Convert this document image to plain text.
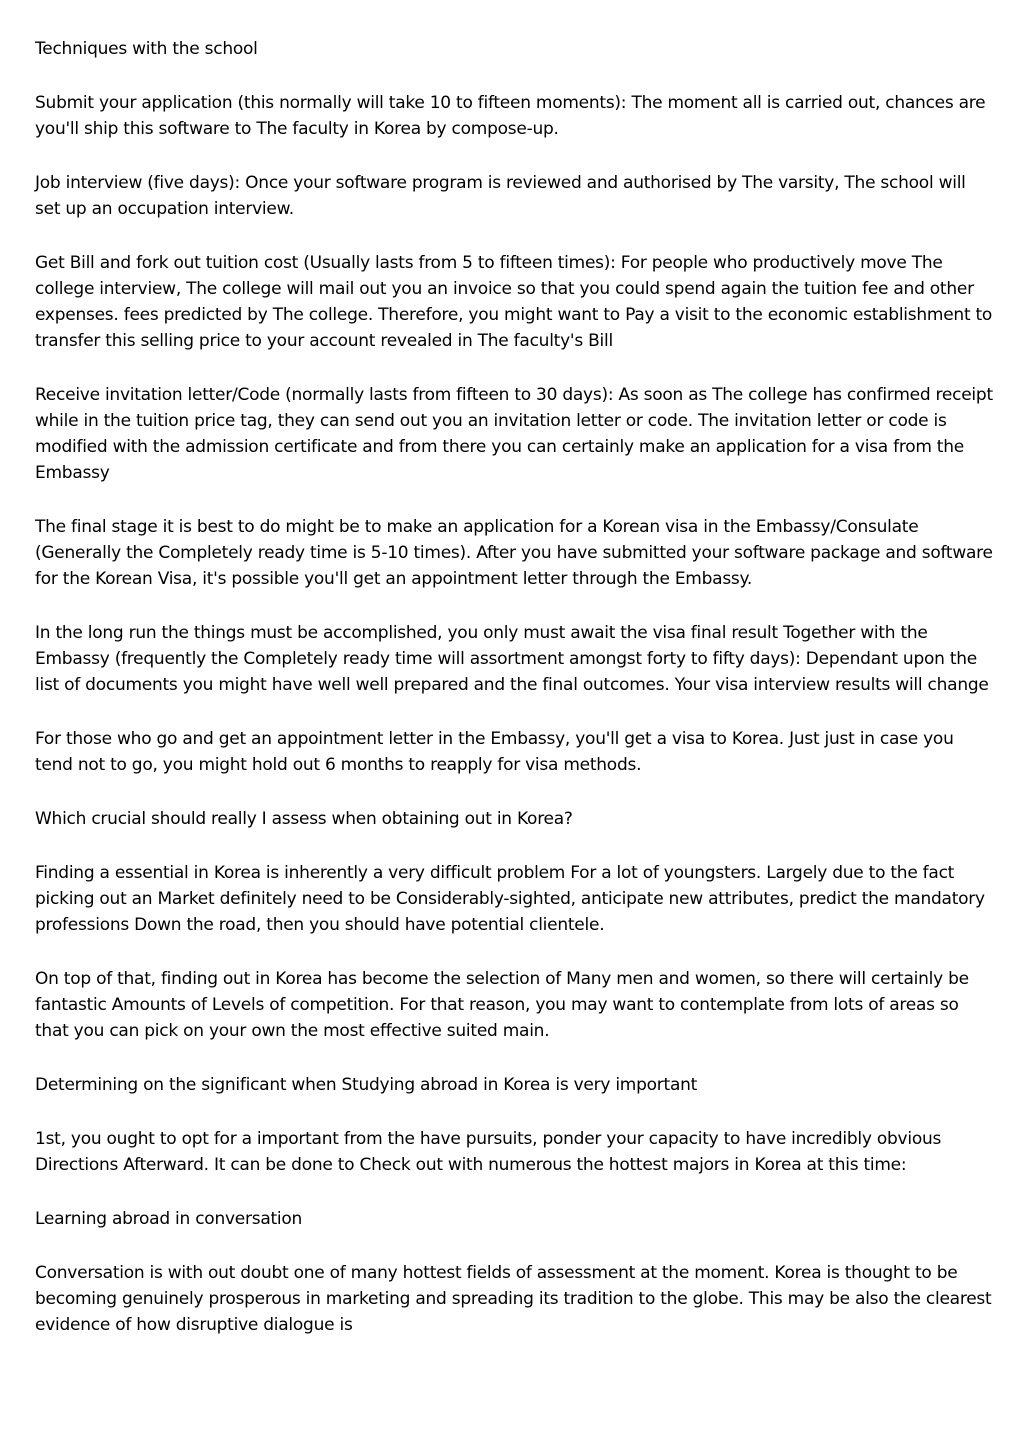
Techniques with the school

Submit your application (this normally will take 10 to fifteen moments): The moment all is carried out, chances are you'll ship this software to The faculty in Korea by compose-up.

Job interview (five days): Once your software program is reviewed and authorised by The varsity, The school will set up an occupation interview.

Get Bill and fork out tuition cost (Usually lasts from 5 to fifteen times): For people who productively move The college interview, The college will mail out you an invoice so that you could spend again the tuition fee and other expenses. fees predicted by The college. Therefore, you might want to Pay a visit to the economic establishment to transfer this selling price to your account revealed in The faculty's Bill

Receive invitation letter/Code (normally lasts from fifteen to 30 days): As soon as The college has confirmed receipt while in the tuition price tag, they can send out you an invitation letter or code. The invitation letter or code is modified with the admission certificate and from there you can certainly make an application for a visa from the Embassy

The final stage it is best to do might be to make an application for a Korean visa in the Embassy/Consulate (Generally the Completely ready time is 5-10 times). After you have submitted your software package and software for the Korean Visa, it's possible you'll get an appointment letter through the Embassy.

In the long run the things must be accomplished, you only must await the visa final result Together with the Embassy (frequently the Completely ready time will assortment amongst forty to fifty days): Dependant upon the list of documents you might have well well prepared and the final outcomes. Your visa interview results will change

For those who go and get an appointment letter in the Embassy, you'll get a visa to Korea. Just just in case you tend not to go, you might hold out 6 months to reapply for visa methods.

Which crucial should really I assess when obtaining out in Korea?

Finding a essential in Korea is inherently a very difficult problem For a lot of youngsters. Largely due to the fact picking out an Market definitely need to be Considerably-sighted, anticipate new attributes, predict the mandatory professions Down the road, then you should have potential clientele.

On top of that, finding out in Korea has become the selection of Many men and women, so there will certainly be fantastic Amounts of Levels of competition. For that reason, you may want to contemplate from lots of areas so that you can pick on your own the most effective suited main.

Determining on the significant when Studying abroad in Korea is very important

1st, you ought to opt for a important from the have pursuits, ponder your capacity to have incredibly obvious Directions Afterward. It can be done to Check out with numerous the hottest majors in Korea at this time:

Learning abroad in conversation

Conversation is with out doubt one of many hottest fields of assessment at the moment. Korea is thought to be becoming genuinely prosperous in marketing and spreading its tradition to the globe. This may be also the clearest evidence of how disruptive dialogue is
